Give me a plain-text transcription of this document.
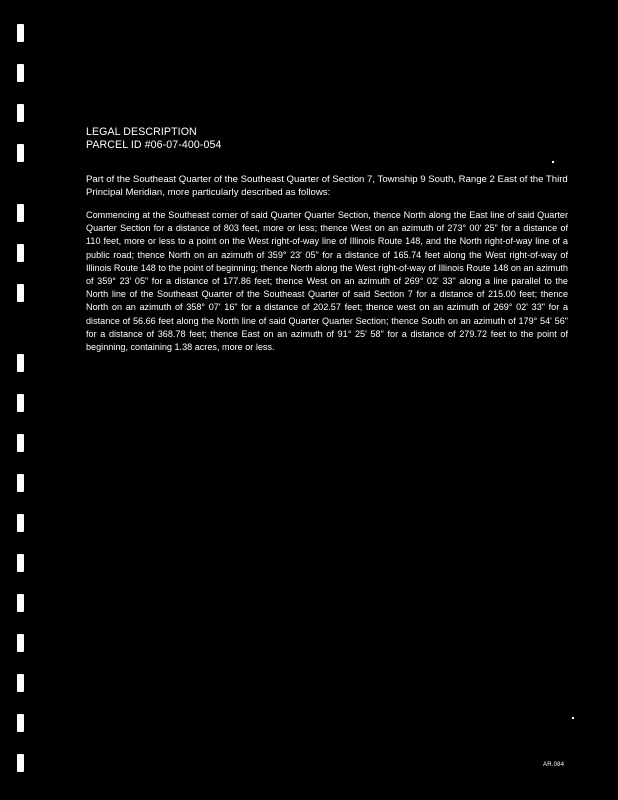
LEGAL DESCRIPTION

PARCEL ID #06-07-400-054

Part of the Southeast Quarter of the Southeast Quarter of Section 7, Township 9 South, Range 2 East of the Third Principal Meridian, more particularly described as follows:

Commencing at the Southeast corner of said Quarter Quarter Section, thence North along the East line of said Quarter Quarter Section for a distance of 803 feet, more or less; thence West on an azimuth of 273° 00' 25" for a distance of 110 feet, more or less to a point on the West right-of-way line of Illinois Route 148, and the North right-of-way line of a public road; thence North on an azimuth of 359° 23' 05" for a distance of 165.74 feet along the West right-of-way of Illinois Route 148 to the point of beginning; thence North along the West right-of-way of Illinois Route 148 on an azimuth of 359° 23' 05" for a distance of 177.86 feet; thence West on an azimuth of 269° 02' 33" along a line parallel to the North line of the Southeast Quarter of the Southeast Quarter of said Section 7 for a distance of 215.00 feet; thence North on an azimuth of 358° 07' 16" for a distance of 202.57 feet; thence west on an azimuth of 269° 02' 33" for a distance of 56.66 feet along the North line of said Quarter Quarter Section; thence South on an azimuth of 179° 54' 56" for a distance of 368.78 feet; thence East on an azimuth of 91° 25' 58" for a distance of 279.72 feet to the point of beginning, containing 1.38 acres, more or less.

AR.084
